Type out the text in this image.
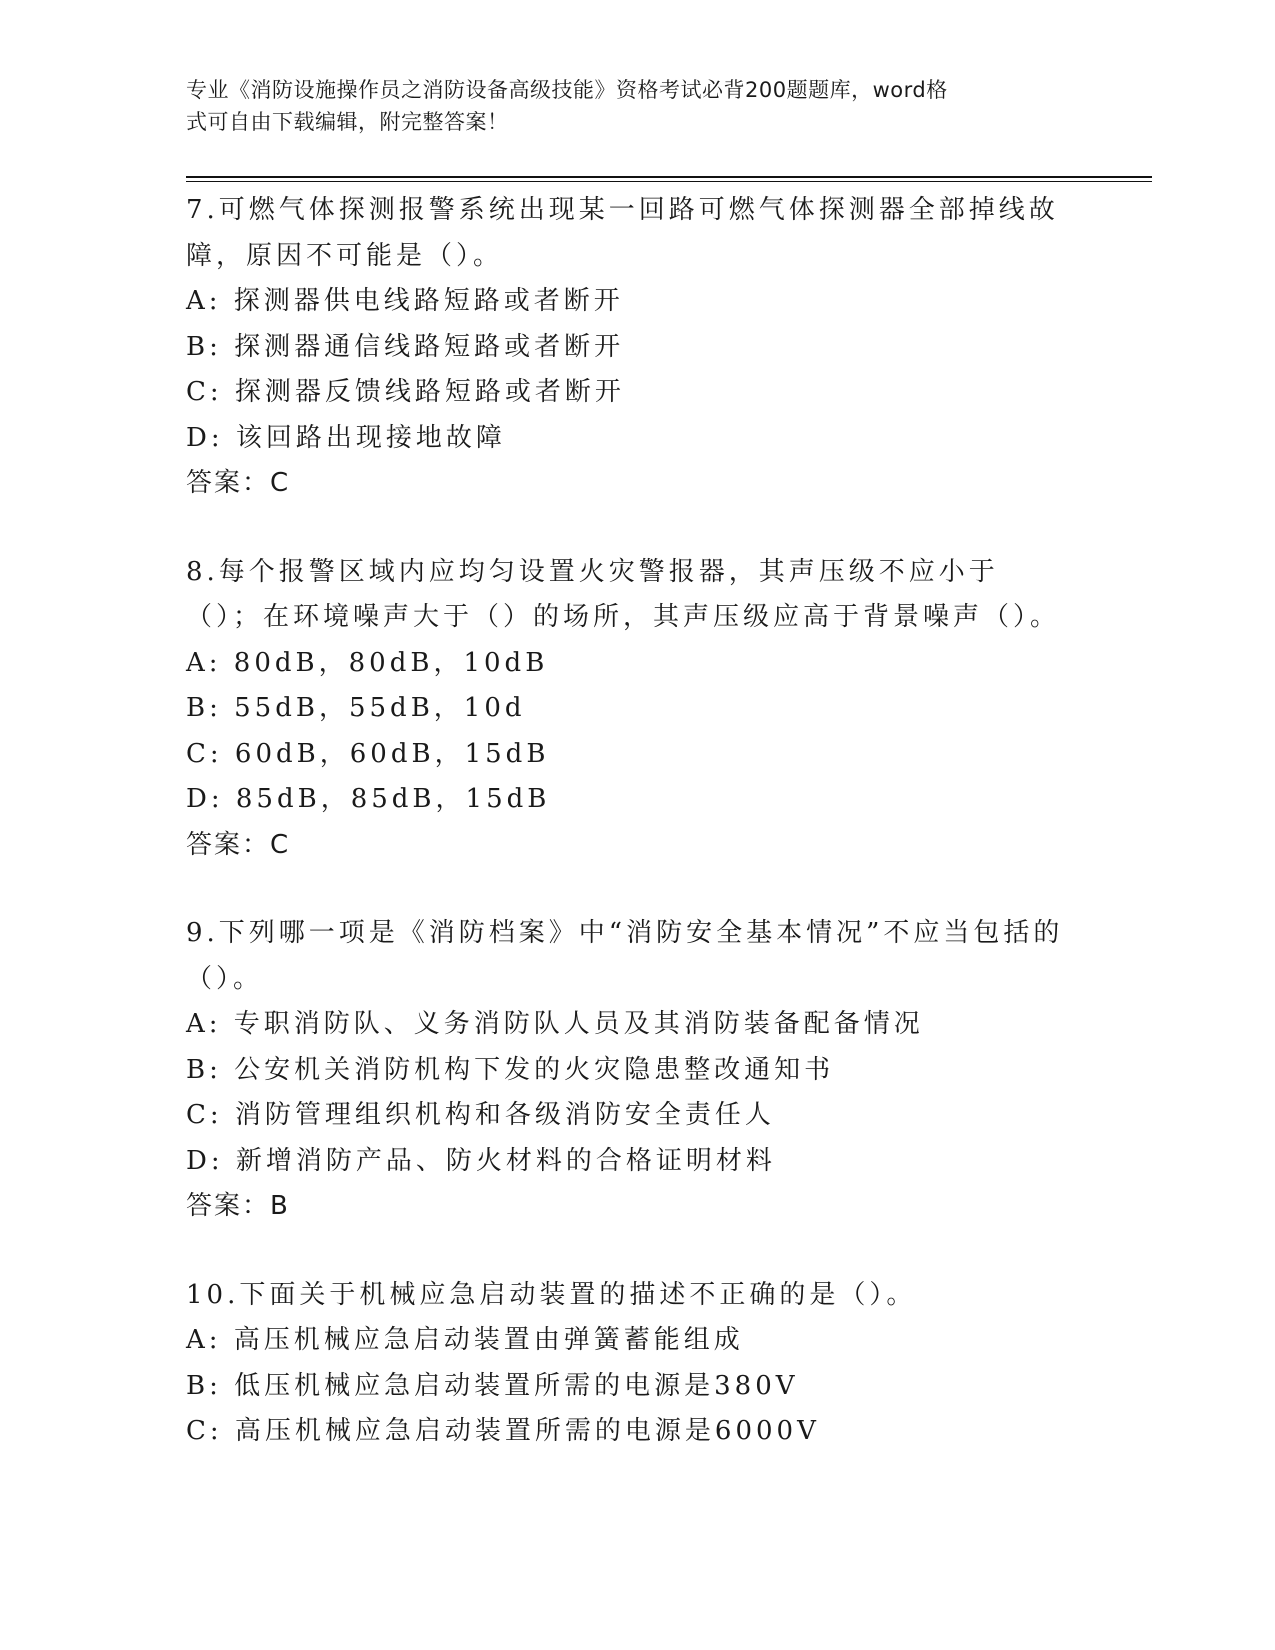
专业《消防设施操作员之消防设备高级技能》资格考试必背200题题库，word格
式可自由下载编辑，附完整答案！

7.可燃气体探测报警系统出现某一回路可燃气体探测器全部掉线故障，原因不可能是（）。

A: 探测器供电线路短路或者断开

B: 探测器通信线路短路或者断开

C: 探测器反馈线路短路或者断开

D: 该回路出现接地故障

答案：C

8.每个报警区域内应均匀设置火灾警报器，其声压级不应小于（）；在环境噪声大于（）的场所，其声压级应高于背景噪声（）。

A: 80dB，80dB，10dB

B: 55dB，55dB，10d

C: 60dB，60dB，15dB

D: 85dB，85dB，15dB

答案：C

9.下列哪一项是《消防档案》中“消防安全基本情况”不应当包括的（）。

A: 专职消防队、义务消防队人员及其消防装备配备情况

B: 公安机关消防机构下发的火灾隐患整改通知书

C: 消防管理组织机构和各级消防安全责任人

D: 新增消防产品、防火材料的合格证明材料

答案：B

10.下面关于机械应急启动装置的描述不正确的是（）。

A: 高压机械应急启动装置由弹簧蓄能组成

B: 低压机械应急启动装置所需的电源是380V

C: 高压机械应急启动装置所需的电源是6000V
